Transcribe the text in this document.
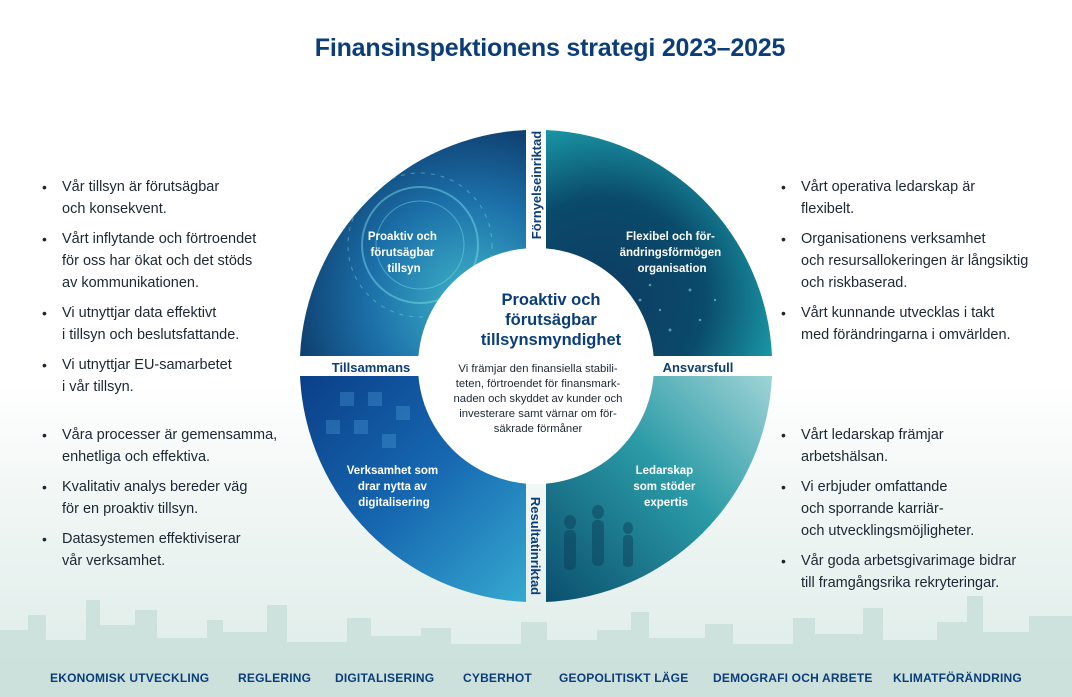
Finansinspektionens strategi 2023–2025
• Vår tillsyn är förutsägbar
och konsekvent.
• Vårt inflytande och förtroendet
för oss har ökat och det stöds
av kommunikationen.
• Vi utnyttjar data effektivt
i tillsyn och beslutsfattande.
• Vi utnyttjar EU-samarbetet
i vår tillsyn.
• Våra processer är gemensamma,
enhetliga och effektiva.
• Kvalitativ analys bereder väg
för en proaktiv tillsyn.
• Datasystemen effektiviserar
vår verksamhet.
• Vårt operativa ledarskap är
flexibelt.
• Organisationens verksamhet
och resursallokeringen är långsiktig
och riskbaserad.
• Vårt kunnande utvecklas i takt
med förändringarna i omvärlden.
• Vårt ledarskap främjar
arbetshälsan.
• Vi erbjuder omfattande
och sporrande karriär-
och utvecklingsmöjligheter.
• Vår goda arbetsgivarimage bidrar
till framgångsrika rekryteringar.
Proaktiv och förutsägbar tillsyn
Flexibel och för- ändringsförmögen organisation
Verksamhet som drar nytta av digitalisering
Ledarskap som stöder expertis
Förnyelseinriktad
Resultatinriktad
Tillsammans	Ansvarsfull
Proaktiv och
förutsägbar
tillsynsmyndighet
Vi främjar den finansiella stabili-
teten, förtroendet för finansmark-
naden och skyddet av kunder och
investerare samt värnar om för-
säkrade förmåner
EKONOMISK UTVECKLING REGLERING DIGITALISERING CYBERHOT GEOPOLITISKT LÄGE DEMOGRAFI OCH ARBETE KLIMATFÖRÄNDRING
